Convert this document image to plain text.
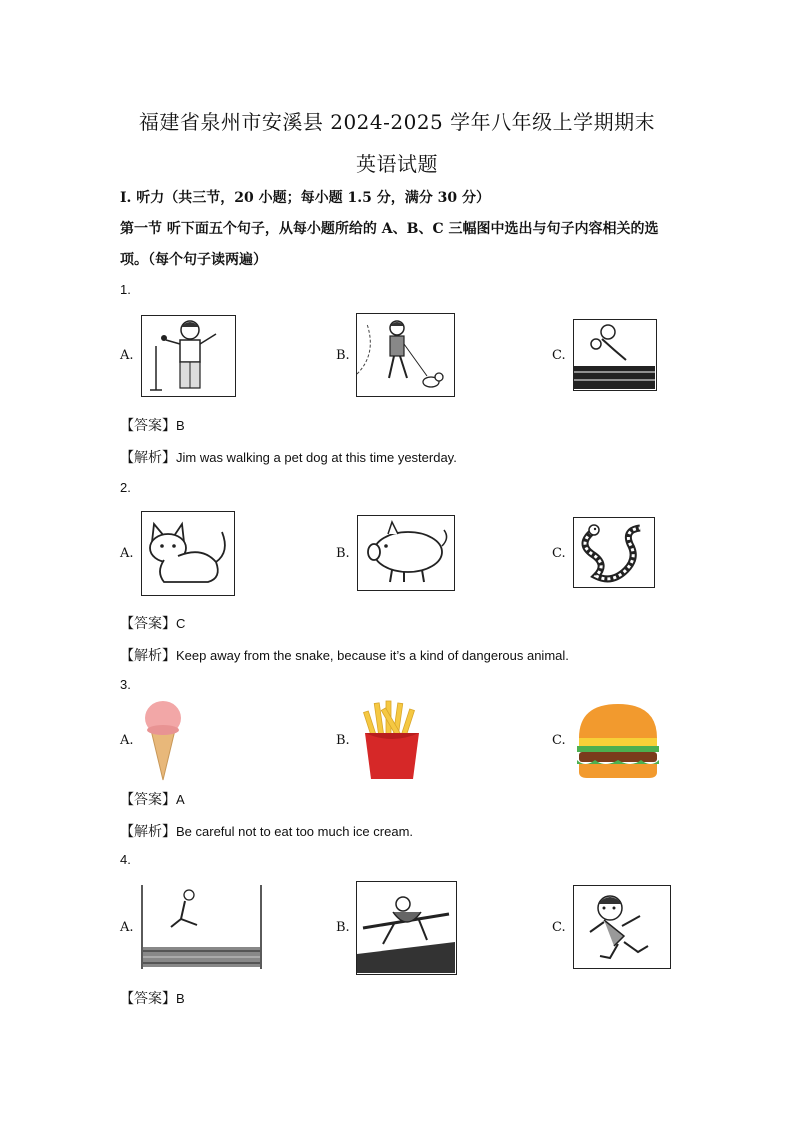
福建省泉州市安溪县 2024-2025 学年八年级上学期期末
英语试题
Ⅰ. 听力（共三节，20 小题；每小题 1.5 分，满分 30 分）
第一节 听下面五个句子，从每小题所给的 A、B、C 三幅图中选出与句子内容相关的选
项。（每个句子读两遍）
1.
A.	B.	C.
【答案】B
【解析】Jim was walking a pet dog at this time yesterday.
2.
A.	B.	C.
【答案】C
【解析】Keep away from the snake, because it’s a kind of dangerous animal.
3.
A.	B.	C.
【答案】A
【解析】Be careful not to eat too much ice cream.
4.
A.	B.	C.
【答案】B
